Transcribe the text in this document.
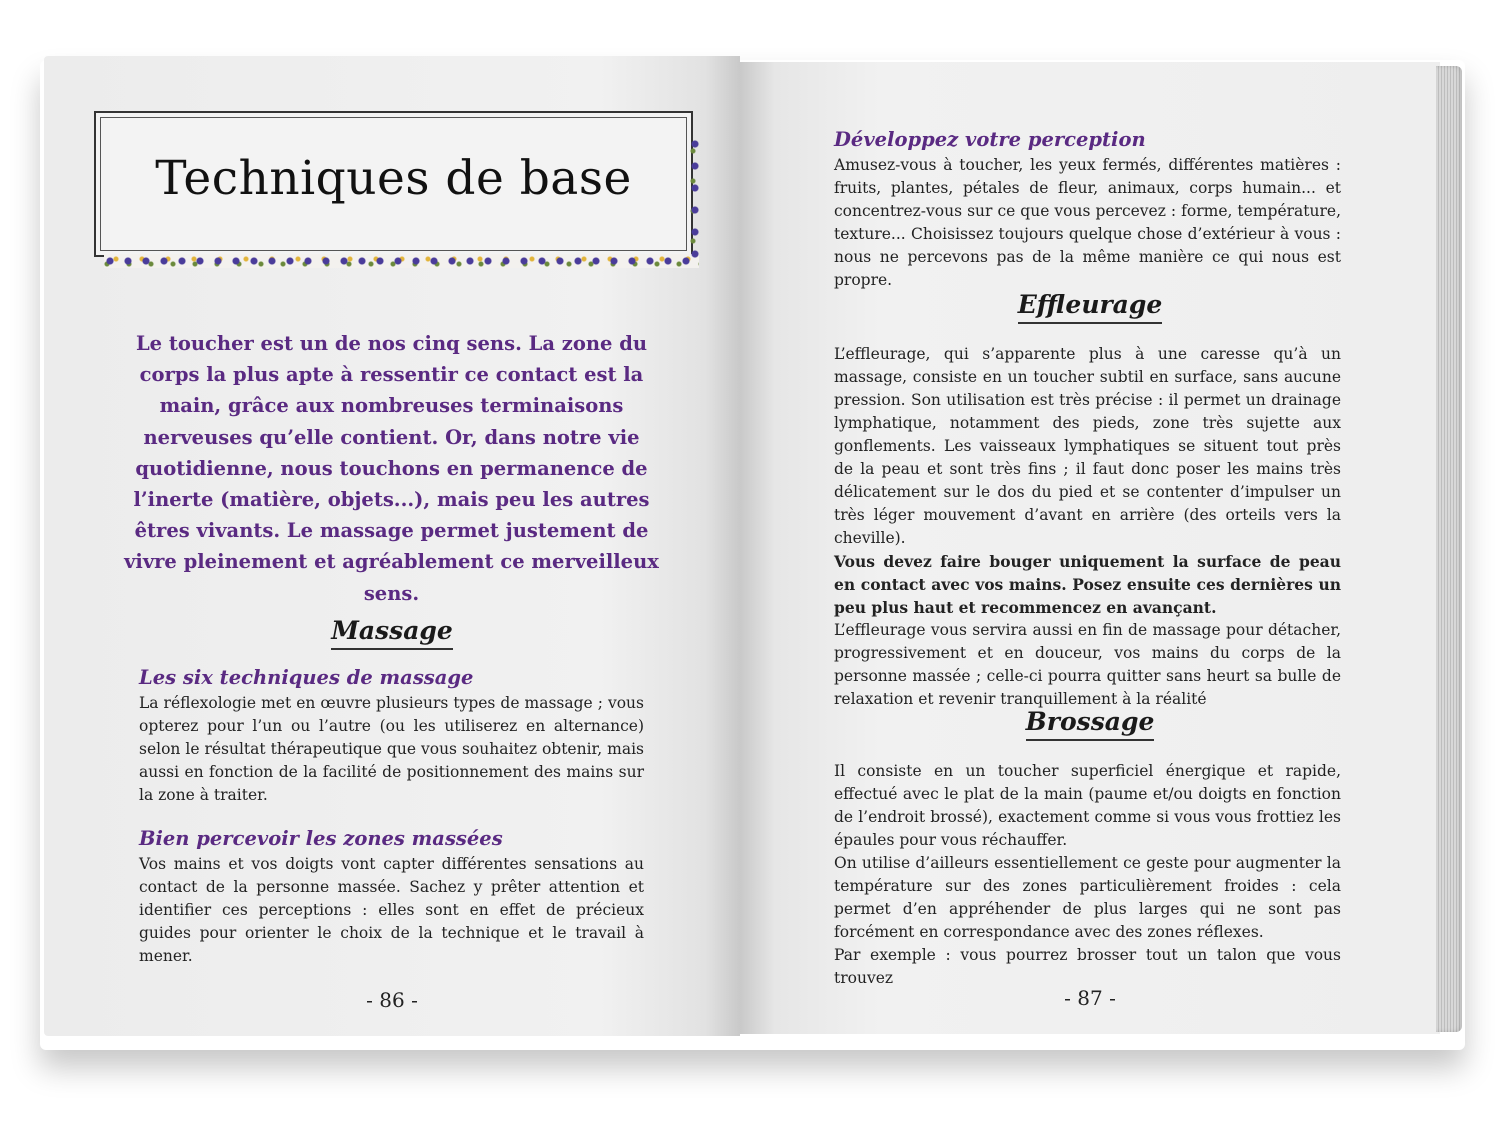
Techniques de base
Le toucher est un de nos cinq sens. La zone du corps la plus apte à ressentir ce contact est la main, grâce aux nombreuses terminaisons nerveuses qu’elle contient. Or, dans notre vie quotidienne, nous touchons en permanence de l’inerte (matière, objets...), mais peu les autres êtres vivants. Le massage permet justement de vivre pleinement et agréablement ce merveilleux sens.
Massage
Les six techniques de massage
La réflexologie met en œuvre plusieurs types de massage ; vous opterez pour l’un ou l’autre (ou les utiliserez en alternance) selon le résultat thérapeutique que vous souhaitez obtenir, mais aussi en fonction de la facilité de positionnement des mains sur la zone à traiter.
Bien percevoir les zones massées
Vos mains et vos doigts vont capter différentes sensations au contact de la personne massée. Sachez y prêter attention et identifier ces perceptions : elles sont en effet de précieux guides pour orienter le choix de la technique et le travail à mener.
- 86 -
Développez votre perception
Amusez-vous à toucher, les yeux fermés, différentes matières : fruits, plantes, pétales de fleur, animaux, corps humain... et concentrez-vous sur ce que vous percevez : forme, température, texture... Choisissez toujours quelque chose d’extérieur à vous : nous ne percevons pas de la même manière ce qui nous est propre.
Effleurage

L’effleurage, qui s’apparente plus à une caresse qu’à un massage, consiste en un toucher subtil en surface, sans aucune pression. Son utilisation est très précise : il permet un drainage lymphatique, notamment des pieds, zone très sujette aux gonflements. Les vaisseaux lymphatiques se situent tout près de la peau et sont très fins ; il faut donc poser les mains très délicatement sur le dos du pied et se contenter d’impulser un très léger mouvement d’avant en arrière (des orteils vers la cheville).

Vous devez faire bouger uniquement la surface de peau en contact avec vos mains. Posez ensuite ces dernières un peu plus haut et recommencez en avançant.

L’effleurage vous servira aussi en fin de massage pour détacher, progressivement et en douceur, vos mains du corps de la personne massée ; celle-ci pourra quitter sans heurt sa bulle de relaxation et revenir tranquillement à la réalité

Brossage

Il consiste en un toucher superficiel énergique et rapide, effectué avec le plat de la main (paume et/ou doigts en fonction de l’endroit brossé), exactement comme si vous vous frottiez les épaules pour vous réchauffer.

On utilise d’ailleurs essentiellement ce geste pour augmenter la température sur des zones particulièrement froides : cela permet d’en appréhender de plus larges qui ne sont pas forcément en correspondance avec des zones réflexes.

Par exemple : vous pourrez brosser tout un talon que vous trouvez

- 87 -
